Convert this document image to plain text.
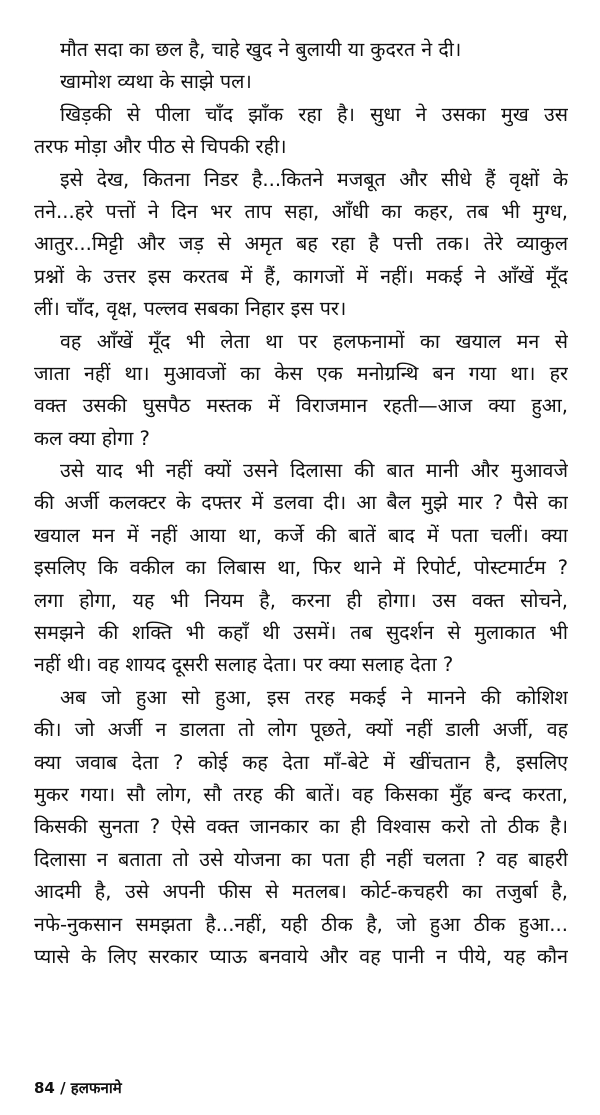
मौत सदा का छल है, चाहे खुद ने बुलायी या कुदरत ने दी।
खामोश व्यथा के साझे पल।
खिड़की से पीला चाँद झाँक रहा है। सुधा ने उसका मुख उस
तरफ मोड़ा और पीठ से चिपकी रही।
इसे देख, कितना निडर है...कितने मजबूत और सीधे हैं वृक्षों के
तने...हरे पत्तों ने दिन भर ताप सहा, आँधी का कहर, तब भी मुग्ध,
आतुर...मिट्टी और जड़ से अमृत बह रहा है पत्ती तक। तेरे व्याकुल
प्रश्नों के उत्तर इस करतब में हैं, कागजों में नहीं। मकई ने आँखें मूँद
लीं। चाँद, वृक्ष, पल्लव सबका निहार इस पर।
वह आँखें मूँद भी लेता था पर हलफनामों का खयाल मन से
जाता नहीं था। मुआवजों का केस एक मनोग्रन्थि बन गया था। हर
वक्त उसकी घुसपैठ मस्तक में विराजमान रहती—आज क्या हुआ,
कल क्या होगा ?
उसे याद भी नहीं क्यों उसने दिलासा की बात मानी और मुआवजे
की अर्जी कलक्टर के दफ्तर में डलवा दी। आ बैल मुझे मार ? पैसे का
खयाल मन में नहीं आया था, कर्जे की बातें बाद में पता चलीं। क्या
इसलिए कि वकील का लिबास था, फिर थाने में रिपोर्ट, पोस्टमार्टम ?
लगा होगा, यह भी नियम है, करना ही होगा। उस वक्त सोचने,
समझने की शक्ति भी कहाँ थी उसमें। तब सुदर्शन से मुलाकात भी
नहीं थी। वह शायद दूसरी सलाह देता। पर क्या सलाह देता ?
अब जो हुआ सो हुआ, इस तरह मकई ने मानने की कोशिश
की। जो अर्जी न डालता तो लोग पूछते, क्यों नहीं डाली अर्जी, वह
क्या जवाब देता ? कोई कह देता माँ-बेटे में खींचतान है, इसलिए
मुकर गया। सौ लोग, सौ तरह की बातें। वह किसका मुँह बन्द करता,
किसकी सुनता ? ऐसे वक्त जानकार का ही विश्वास करो तो ठीक है।
दिलासा न बताता तो उसे योजना का पता ही नहीं चलता ? वह बाहरी
आदमी है, उसे अपनी फीस से मतलब। कोर्ट-कचहरी का तजुर्बा है,
नफे-नुकसान समझता है...नहीं, यही ठीक है, जो हुआ ठीक हुआ...
प्यासे के लिए सरकार प्याऊ बनवाये और वह पानी न पीये, यह कौन
84 / हलफनामे
